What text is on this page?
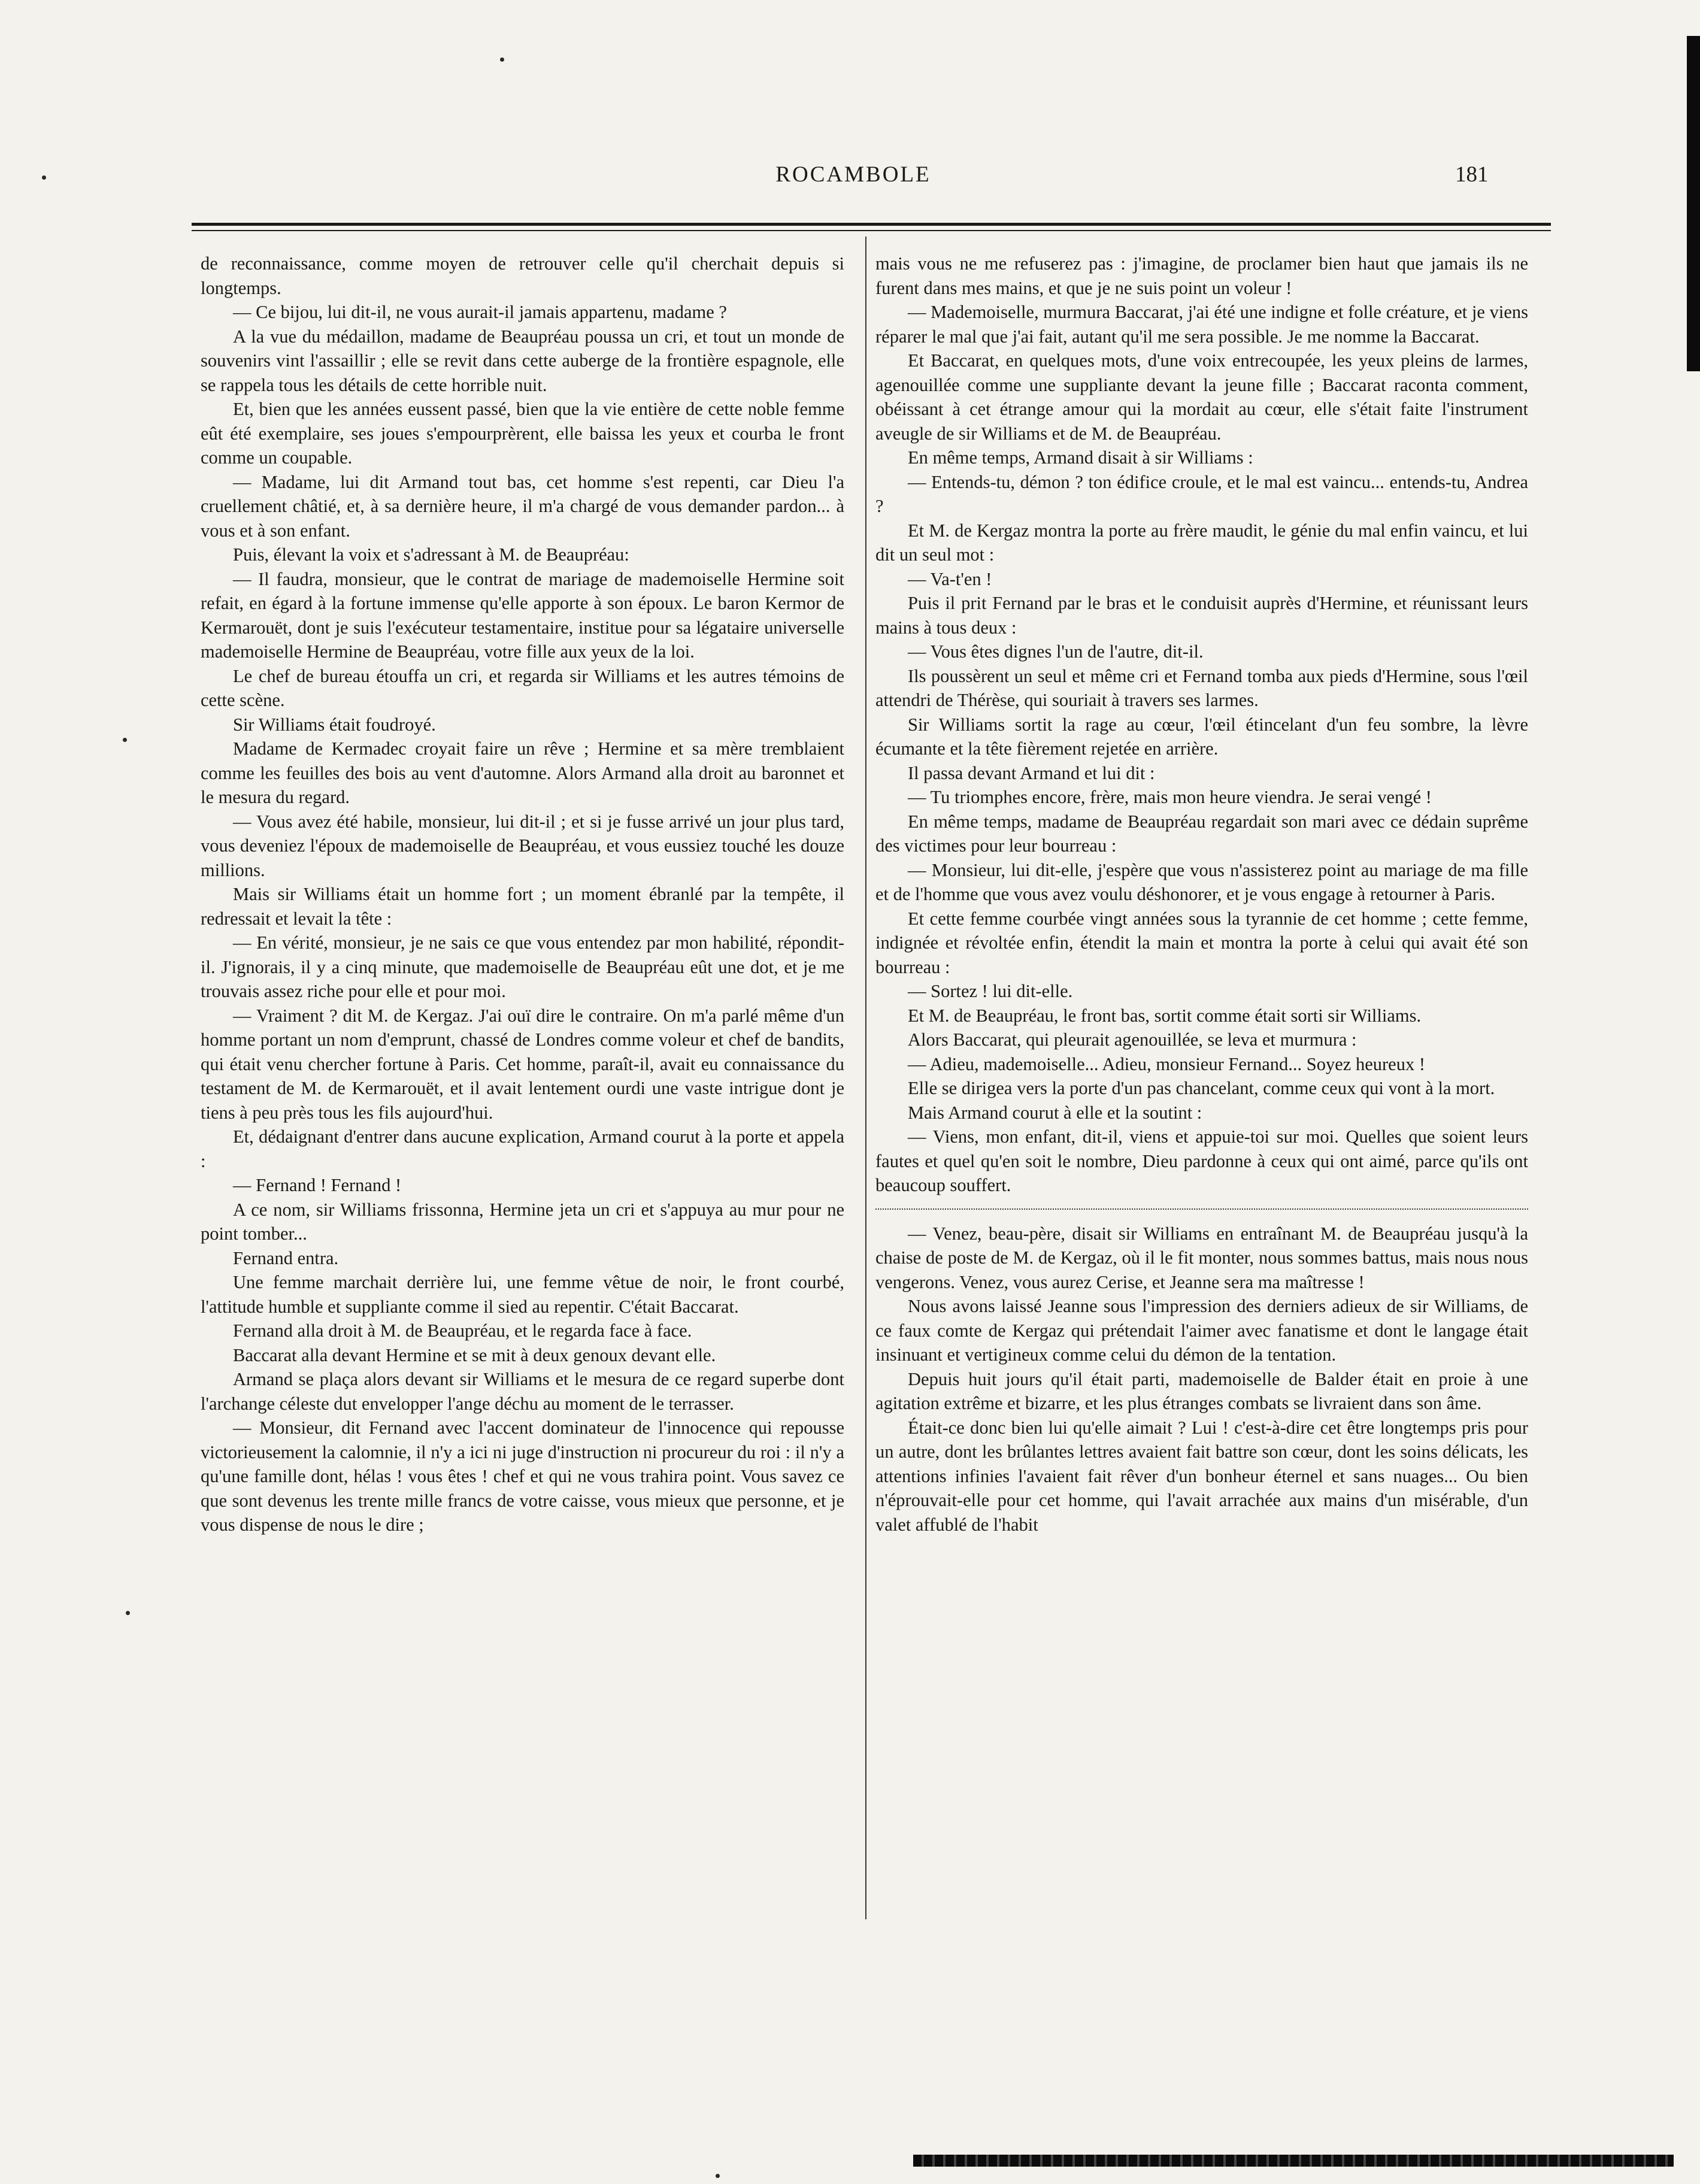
ROCAMBOLE	181

de reconnaissance, comme moyen de retrouver celle qu'il cherchait depuis si longtemps.

— Ce bijou, lui dit-il, ne vous aurait-il jamais appartenu, madame ?

A la vue du médaillon, madame de Beaupréau poussa un cri, et tout un monde de souvenirs vint l'assaillir ; elle se revit dans cette auberge de la frontière espagnole, elle se rappela tous les détails de cette horrible nuit.

Et, bien que les années eussent passé, bien que la vie entière de cette noble femme eût été exemplaire, ses joues s'empourprèrent, elle baissa les yeux et courba le front comme un coupable.

— Madame, lui dit Armand tout bas, cet homme s'est repenti, car Dieu l'a cruellement châtié, et, à sa dernière heure, il m'a chargé de vous demander pardon... à vous et à son enfant.

Puis, élevant la voix et s'adressant à M. de Beaupréau:

— Il faudra, monsieur, que le contrat de mariage de mademoiselle Hermine soit refait, en égard à la fortune immense qu'elle apporte à son époux. Le baron Kermor de Kermarouët, dont je suis l'exécuteur testamentaire, institue pour sa légataire universelle mademoiselle Hermine de Beaupréau, votre fille aux yeux de la loi.

Le chef de bureau étouffa un cri, et regarda sir Williams et les autres témoins de cette scène.

Sir Williams était foudroyé.

Madame de Kermadec croyait faire un rêve ; Hermine et sa mère tremblaient comme les feuilles des bois au vent d'automne. Alors Armand alla droit au baronnet et le mesura du regard.

— Vous avez été habile, monsieur, lui dit-il ; et si je fusse arrivé un jour plus tard, vous deveniez l'époux de mademoiselle de Beaupréau, et vous eussiez touché les douze millions.

Mais sir Williams était un homme fort ; un moment ébranlé par la tempête, il redressait et levait la tête :

— En vérité, monsieur, je ne sais ce que vous entendez par mon habilité, répondit-il. J'ignorais, il y a cinq minute, que mademoiselle de Beaupréau eût une dot, et je me trouvais assez riche pour elle et pour moi.

— Vraiment ? dit M. de Kergaz. J'ai ouï dire le contraire. On m'a parlé même d'un homme portant un nom d'emprunt, chassé de Londres comme voleur et chef de bandits, qui était venu chercher fortune à Paris. Cet homme, paraît-il, avait eu connaissance du testament de M. de Kermarouët, et il avait lentement ourdi une vaste intrigue dont je tiens à peu près tous les fils aujourd'hui.

Et, dédaignant d'entrer dans aucune explication, Armand courut à la porte et appela :

— Fernand ! Fernand !

A ce nom, sir Williams frissonna, Hermine jeta un cri et s'appuya au mur pour ne point tomber...

Fernand entra.

Une femme marchait derrière lui, une femme vêtue de noir, le front courbé, l'attitude humble et suppliante comme il sied au repentir. C'était Baccarat.

Fernand alla droit à M. de Beaupréau, et le regarda face à face.

Baccarat alla devant Hermine et se mit à deux genoux devant elle.

Armand se plaça alors devant sir Williams et le mesura de ce regard superbe dont l'archange céleste dut envelopper l'ange déchu au moment de le terrasser.

— Monsieur, dit Fernand avec l'accent dominateur de l'innocence qui repousse victorieusement la calomnie, il n'y a ici ni juge d'instruction ni procureur du roi : il n'y a qu'une famille dont, hélas ! vous êtes ! chef et qui ne vous trahira point. Vous savez ce que sont devenus les trente mille francs de votre caisse, vous mieux que personne, et je vous dispense de nous le dire ;

mais vous ne me refuserez pas : j'imagine, de proclamer bien haut que jamais ils ne furent dans mes mains, et que je ne suis point un voleur !

— Mademoiselle, murmura Baccarat, j'ai été une indigne et folle créature, et je viens réparer le mal que j'ai fait, autant qu'il me sera possible. Je me nomme la Baccarat.

Et Baccarat, en quelques mots, d'une voix entrecoupée, les yeux pleins de larmes, agenouillée comme une suppliante devant la jeune fille ; Baccarat raconta comment, obéissant à cet étrange amour qui la mordait au cœur, elle s'était faite l'instrument aveugle de sir Williams et de M. de Beaupréau.

En même temps, Armand disait à sir Williams :

— Entends-tu, démon ? ton édifice croule, et le mal est vaincu... entends-tu, Andrea ?

Et M. de Kergaz montra la porte au frère maudit, le génie du mal enfin vaincu, et lui dit un seul mot :

— Va-t'en !

Puis il prit Fernand par le bras et le conduisit auprès d'Hermine, et réunissant leurs mains à tous deux :

— Vous êtes dignes l'un de l'autre, dit-il.

Ils poussèrent un seul et même cri et Fernand tomba aux pieds d'Hermine, sous l'œil attendri de Thérèse, qui souriait à travers ses larmes.

Sir Williams sortit la rage au cœur, l'œil étincelant d'un feu sombre, la lèvre écumante et la tête fièrement rejetée en arrière.

Il passa devant Armand et lui dit :

— Tu triomphes encore, frère, mais mon heure viendra. Je serai vengé !

En même temps, madame de Beaupréau regardait son mari avec ce dédain suprême des victimes pour leur bourreau :

— Monsieur, lui dit-elle, j'espère que vous n'assisterez point au mariage de ma fille et de l'homme que vous avez voulu déshonorer, et je vous engage à retourner à Paris.

Et cette femme courbée vingt années sous la tyrannie de cet homme ; cette femme, indignée et révoltée enfin, étendit la main et montra la porte à celui qui avait été son bourreau :

— Sortez ! lui dit-elle.

Et M. de Beaupréau, le front bas, sortit comme était sorti sir Williams.

Alors Baccarat, qui pleurait agenouillée, se leva et murmura :

— Adieu, mademoiselle... Adieu, monsieur Fernand... Soyez heureux !

Elle se dirigea vers la porte d'un pas chancelant, comme ceux qui vont à la mort.

Mais Armand courut à elle et la soutint :

— Viens, mon enfant, dit-il, viens et appuie-toi sur moi. Quelles que soient leurs fautes et quel qu'en soit le nombre, Dieu pardonne à ceux qui ont aimé, parce qu'ils ont beaucoup souffert.

— Venez, beau-père, disait sir Williams en entraînant M. de Beaupréau jusqu'à la chaise de poste de M. de Kergaz, où il le fit monter, nous sommes battus, mais nous nous vengerons. Venez, vous aurez Cerise, et Jeanne sera ma maîtresse !

Nous avons laissé Jeanne sous l'impression des derniers adieux de sir Williams, de ce faux comte de Kergaz qui prétendait l'aimer avec fanatisme et dont le langage était insinuant et vertigineux comme celui du démon de la tentation.

Depuis huit jours qu'il était parti, mademoiselle de Balder était en proie à une agitation extrême et bizarre, et les plus étranges combats se livraient dans son âme.

Était-ce donc bien lui qu'elle aimait ? Lui ! c'est-à-dire cet être longtemps pris pour un autre, dont les brûlantes lettres avaient fait battre son cœur, dont les soins délicats, les attentions infinies l'avaient fait rêver d'un bonheur éternel et sans nuages... Ou bien n'éprouvait-elle pour cet homme, qui l'avait arrachée aux mains d'un misérable, d'un valet affublé de l'habit
